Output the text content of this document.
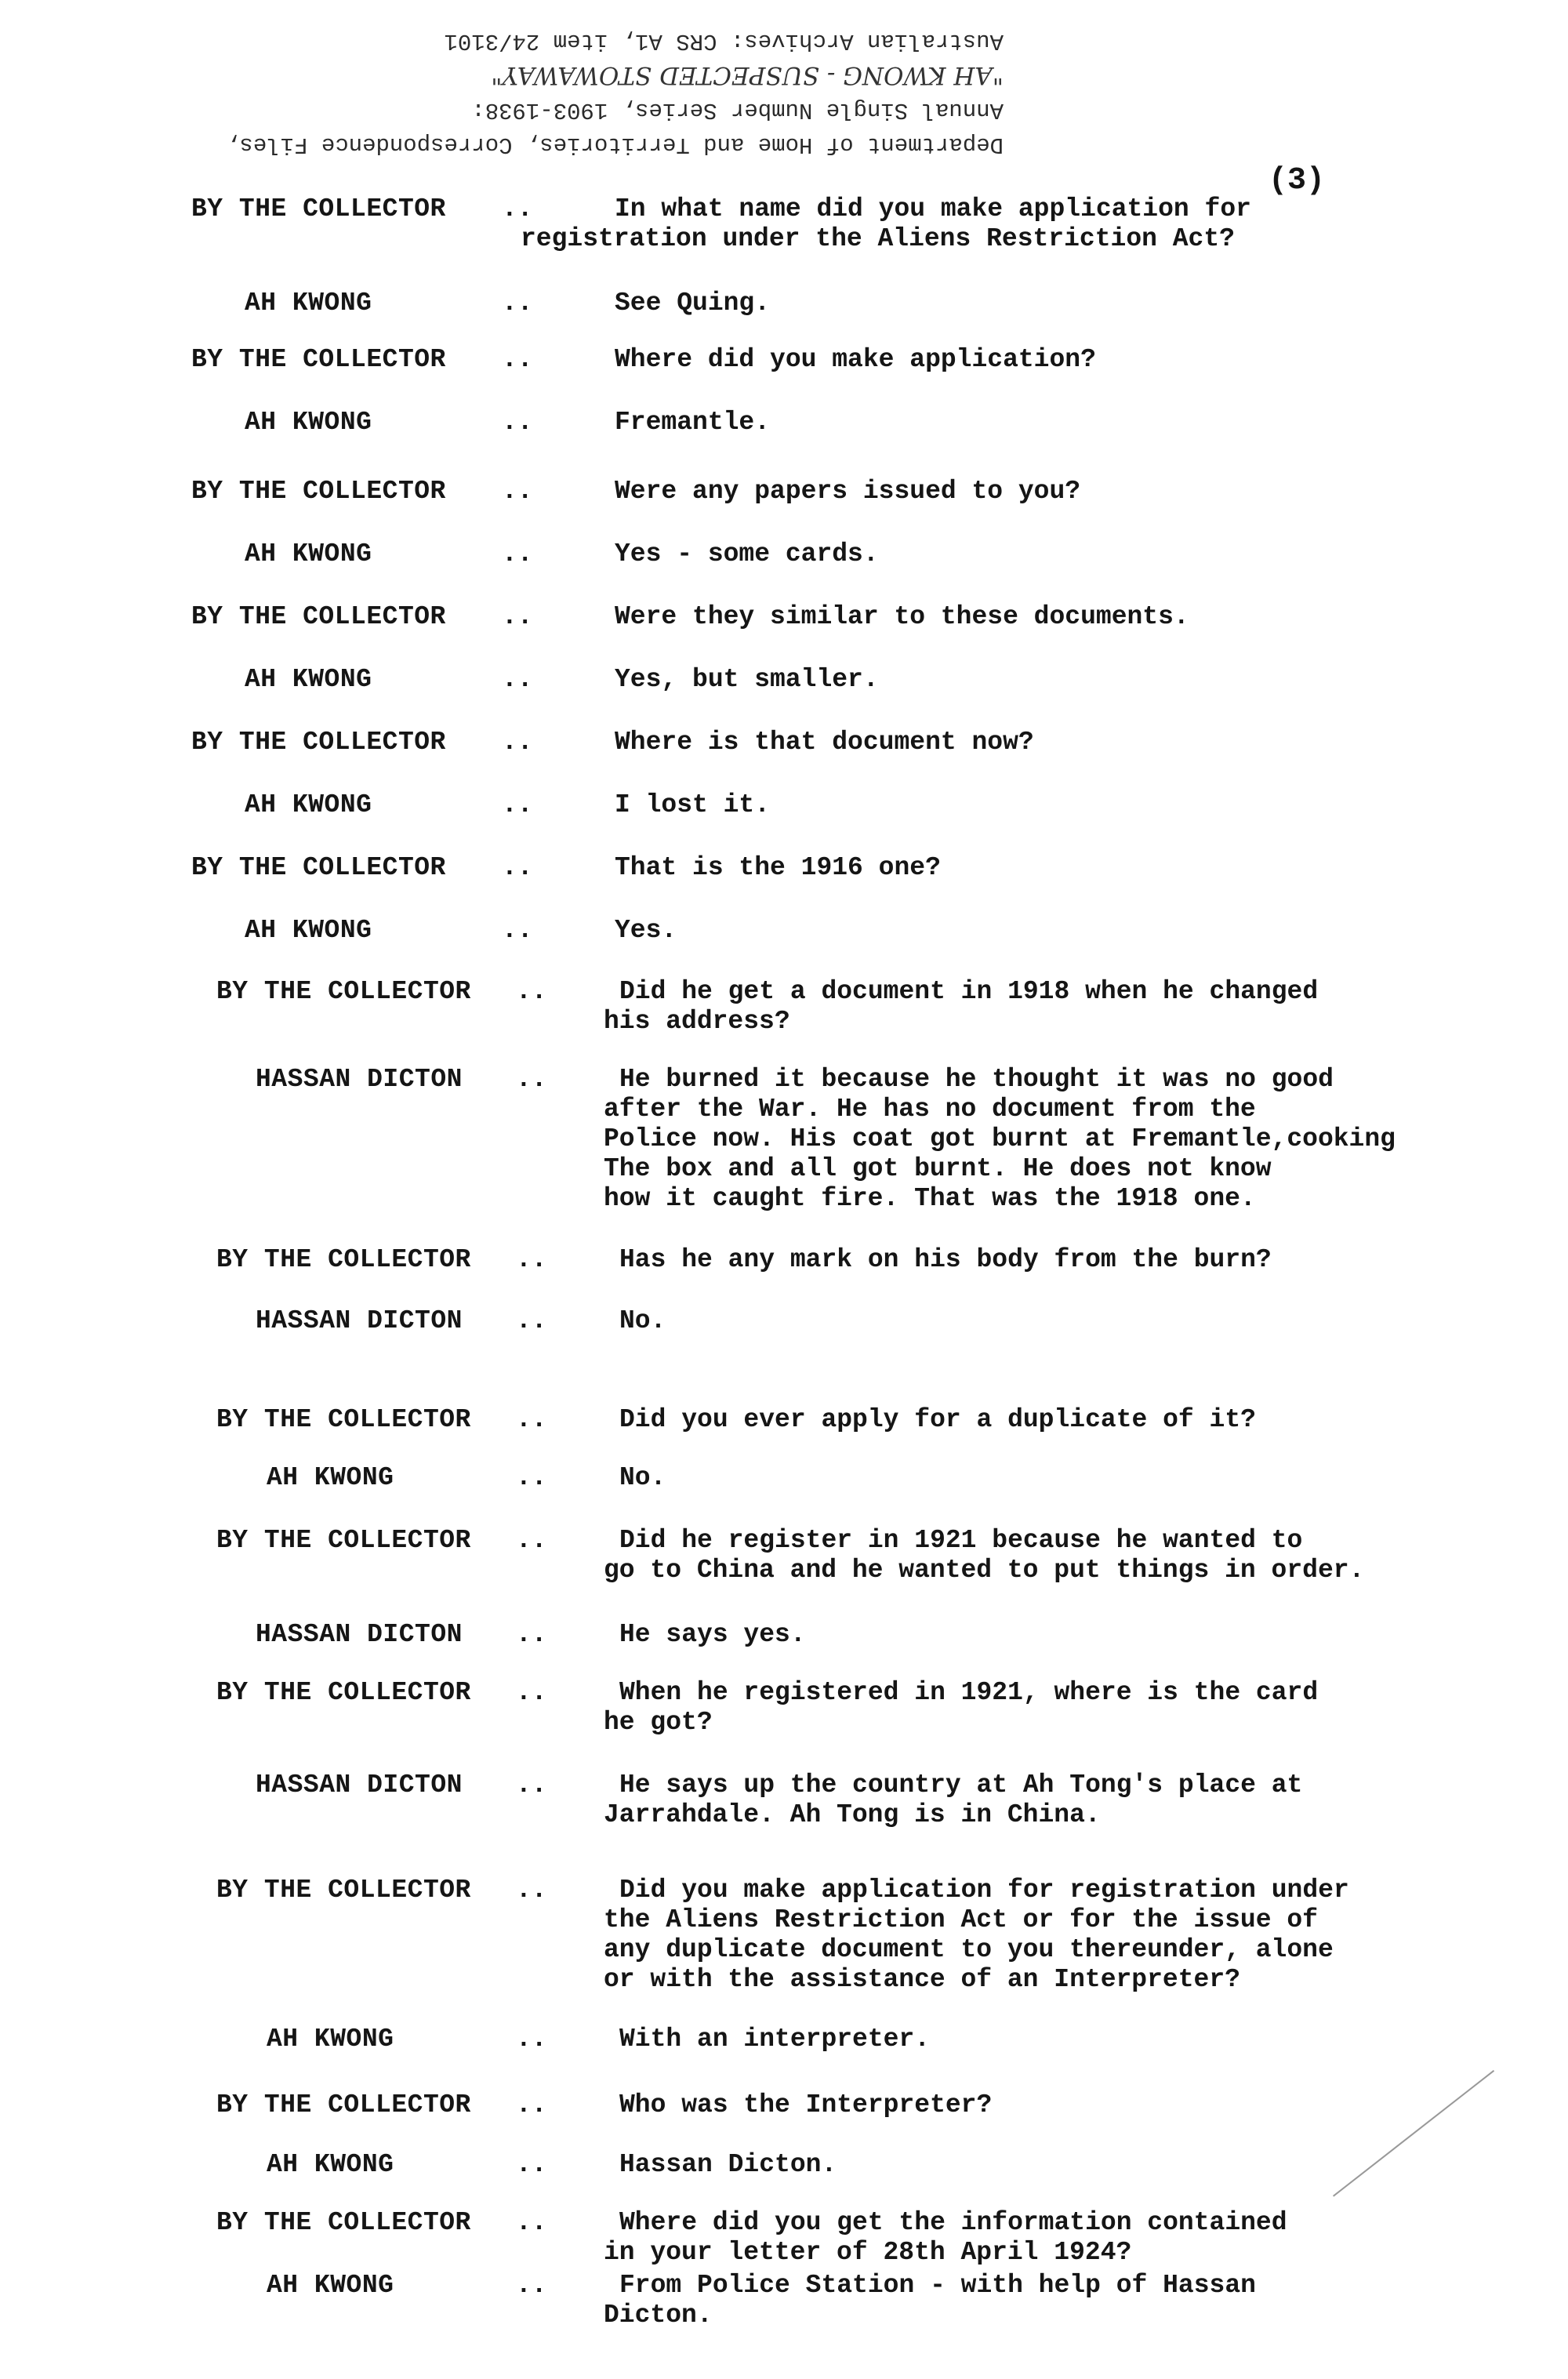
Department of Home and Territories, Correspondence Files,
Annual Single Number Series, 1903-1938:
"AH KWONG - SUSPECTED STOWAWAY"
Australian Archives: CRS A1, item 24/3101
(3)
BY THE COLLECTOR ..	In what name did you make application for
registration under the Aliens Restriction Act?
AH KWONG	..	See Quing.
BY THE COLLECTOR ..	Where did you make application?
AH KWONG	..	Fremantle.
BY THE COLLECTOR ..	Were any papers issued to you?
AH KWONG	..	Yes - some cards.
BY THE COLLECTOR ..	Were they similar to these documents.
AH KWONG	..	Yes, but smaller.
BY THE COLLECTOR ..	Where is that document now?
AH KWONG	..	I lost it.
BY THE COLLECTOR ..	That is the 1916 one?
AH KWONG	..	Yes.
BY THE COLLECTOR ..	Did he get a document in 1918 when he changed
his address?
HASSAN DICTON ..	He burned it because he thought it was no good
after the War. He has no document from the
Police now. His coat got burnt at Fremantle,cooking
The box and all got burnt. He does not know
how it caught fire. That was the 1918 one.
BY THE COLLECTOR ..	Has he any mark on his body from the burn?
HASSAN DICTON ..	No.
BY THE COLLECTOR ..	Did you ever apply for a duplicate of it?
AH KWONG	..	No.
BY THE COLLECTOR ..	Did he register in 1921 because he wanted to
go to China and he wanted to put things in order.
HASSAN DICTON ..	He says yes.
BY THE COLLECTOR ..	When he registered in 1921, where is the card
he got?
HASSAN DICTON ..	He says up the country at Ah Tong's place at
Jarrahdale. Ah Tong is in China.
BY THE COLLECTOR ..	Did you make application for registration under
the Aliens Restriction Act or for the issue of
any duplicate document to you thereunder, alone
or with the assistance of an Interpreter?
AH KWONG	..	With an interpreter.
BY THE COLLECTOR ..	Who was the Interpreter?
AH KWONG	..	Hassan Dicton.
BY THE COLLECTOR ..	Where did you get the information contained
in your letter of 28th April 1924?
AH KWONG	..	From Police Station - with help of Hassan
Dicton.
